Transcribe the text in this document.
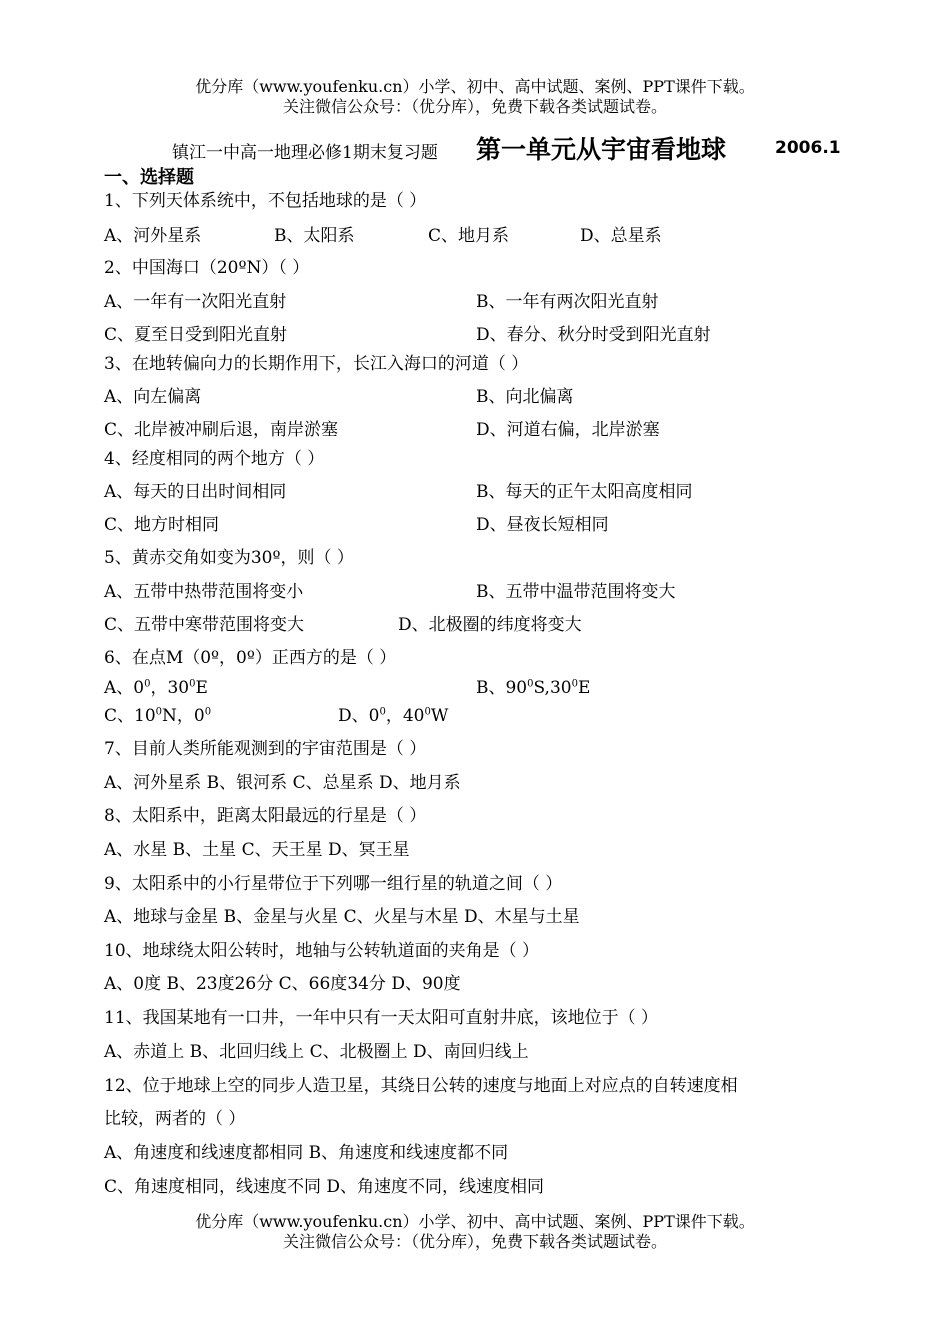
优分库（www.youfenku.cn）小学、初中、高中试题、案例、PPT课件下载。
关注微信公众号：（优分库），免费下载各类试题试卷。
镇江一中高一地理必修1期末复习题 第一单元从宇宙看地球	2006.1
一、选择题
1、下列天体系统中，不包括地球的是（ ）
A、河外星系	B、太阳系	C、地月系	D、总星系
2、中国海口（20ºN）（ ）
A、一年有一次阳光直射	B、一年有两次阳光直射
C、夏至日受到阳光直射	D、春分、秋分时受到阳光直射
3、在地转偏向力的长期作用下，长江入海口的河道（ ）
A、向左偏离	B、向北偏离
C、北岸被冲刷后退，南岸淤塞	D、河道右偏，北岸淤塞
4、经度相同的两个地方（ ）
A、每天的日出时间相同	B、每天的正午太阳高度相同
C、地方时相同	D、昼夜长短相同
5、黄赤交角如变为30º，则（ ）
A、五带中热带范围将变小	B、五带中温带范围将变大
C、五带中寒带范围将变大	D、北极圈的纬度将变大
6、在点M（0º，0º）正西方的是（ ）
A、$0^0$，$30^0E$	B、$90^0S,30^0E$
C、$10^0N$，$0^0$	D、$0^0$，$40^0W$
7、目前人类所能观测到的宇宙范围是（ ）
A、河外星系 B、银河系 C、总星系 D、地月系
8、太阳系中，距离太阳最远的行星是（ ）
A、水星 B、土星 C、天王星 D、冥王星
9、太阳系中的小行星带位于下列哪一组行星的轨道之间（ ）
A、地球与金星 B、金星与火星 C、火星与木星 D、木星与土星
10、地球绕太阳公转时，地轴与公转轨道面的夹角是（ ）
A、0度 B、23度26分 C、66度34分 D、90度
11、我国某地有一口井，一年中只有一天太阳可直射井底，该地位于（ ）
A、赤道上 B、北回归线上 C、北极圈上 D、南回归线上
12、位于地球上空的同步人造卫星，其绕日公转的速度与地面上对应点的自转速度相
比较，两者的（ ）
A、角速度和线速度都相同 B、角速度和线速度都不同
C、角速度相同，线速度不同 D、角速度不同，线速度相同
优分库（www.youfenku.cn）小学、初中、高中试题、案例、PPT课件下载。
关注微信公众号：（优分库），免费下载各类试题试卷。
